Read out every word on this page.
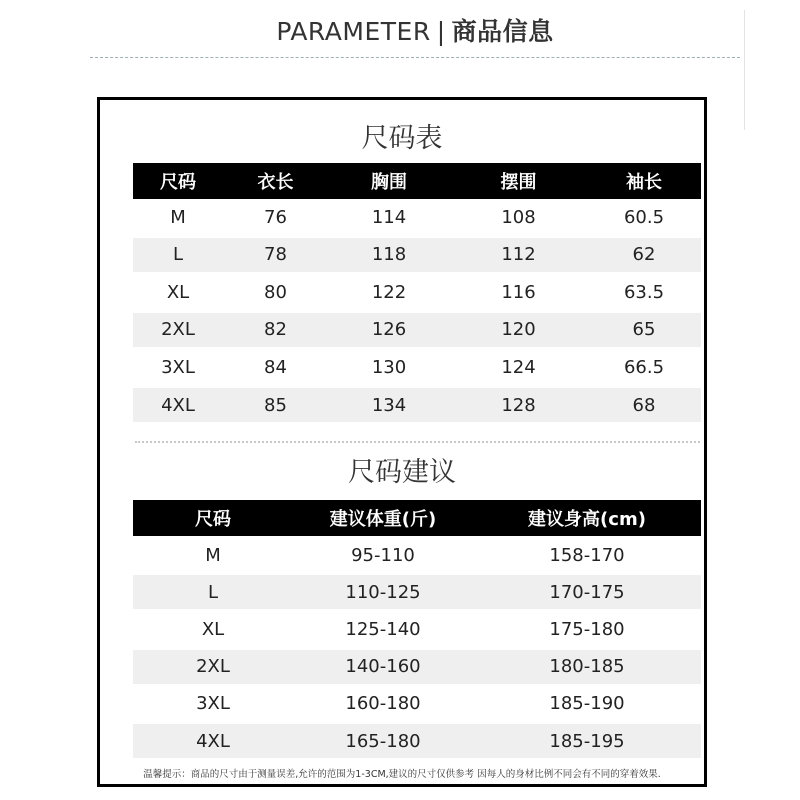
PARAMETER | 商品信息
尺码表
尺码	衣长	胸围	摆围	袖长
M	76	114	108	60.5
L	78	118	112	62
XL	80	122	116	63.5
2XL	82	126	120	65
3XL	84	130	124	66.5
4XL	85	134	128	68
尺码建议
尺码	建议体重(斤)	建议身高(cm)
M	95-110	158-170
L	110-125	170-175
XL	125-140	175-180
2XL	140-160	180-185
3XL	160-180	185-190
4XL	165-180	185-195
温馨提示：商品的尺寸由于测量误差,允许的范围为1-3CM,建议的尺寸仅供参考 因每人的身材比例不同会有不同的穿着效果.
